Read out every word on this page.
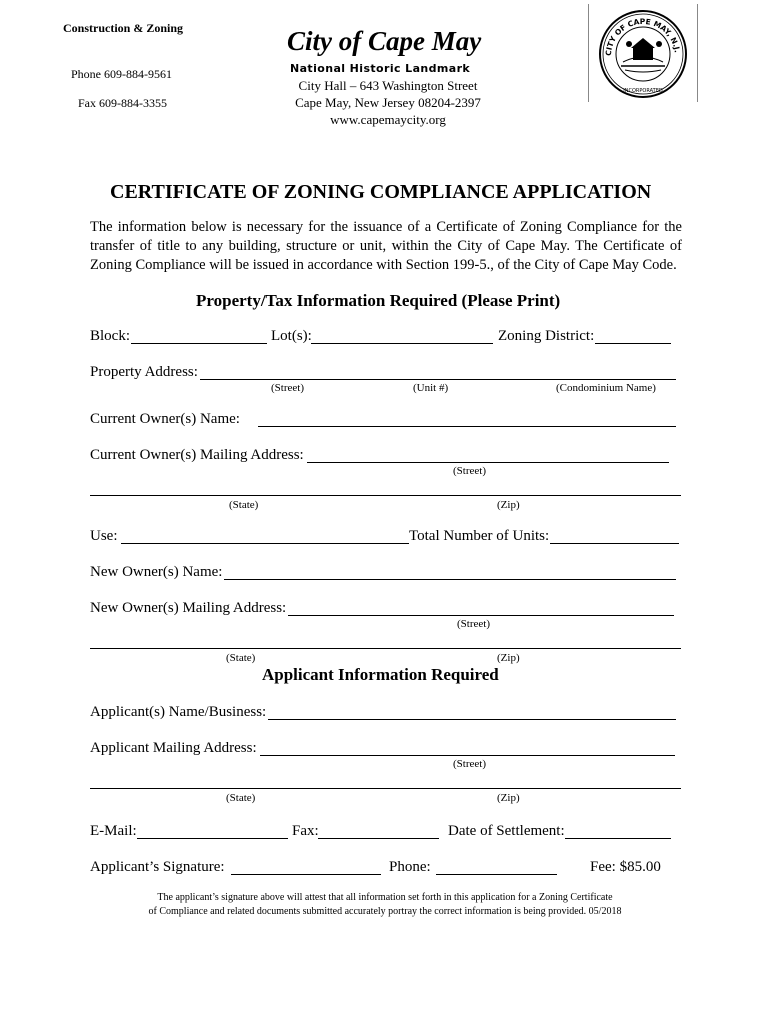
Construction & Zoning
Phone 609-884-9561
Fax 609-884-3355
City of Cape May
National Historic Landmark
City Hall – 643 Washington Street
Cape May, New Jersey 08204-2397
www.capemaycity.org
CITY OF CAPE MAY, N.J.
INCORPORATED
CERTIFICATE OF ZONING COMPLIANCE APPLICATION
The information below is necessary for the issuance of a Certificate of Zoning Compliance for the transfer of title to any building, structure or unit, within the City of Cape May. The Certificate of Zoning Compliance will be issued in accordance with Section 199-5., of the City of Cape May Code.
Property/Tax Information Required (Please Print)
Block:	Lot(s):	Zoning District:
Property Address:
(Street)	(Unit #)	(Condominium Name)
Current Owner(s) Name:
Current Owner(s) Mailing Address:
(Street)
(State)	(Zip)
Use:	Total Number of Units:
New Owner(s) Name:
New Owner(s) Mailing Address:
(Street)
(State)	(Zip)
Applicant Information Required
Applicant(s) Name/Business:
Applicant Mailing Address:
(Street)
(State)	(Zip)
E-Mail:	Fax:	Date of Settlement:
Applicant’s Signature:	Phone:	Fee: $85.00
The applicant’s signature above will attest that all information set forth in this application for a Zoning Certificate
of Compliance and related documents submitted accurately portray the correct information is being provided. 05/2018
